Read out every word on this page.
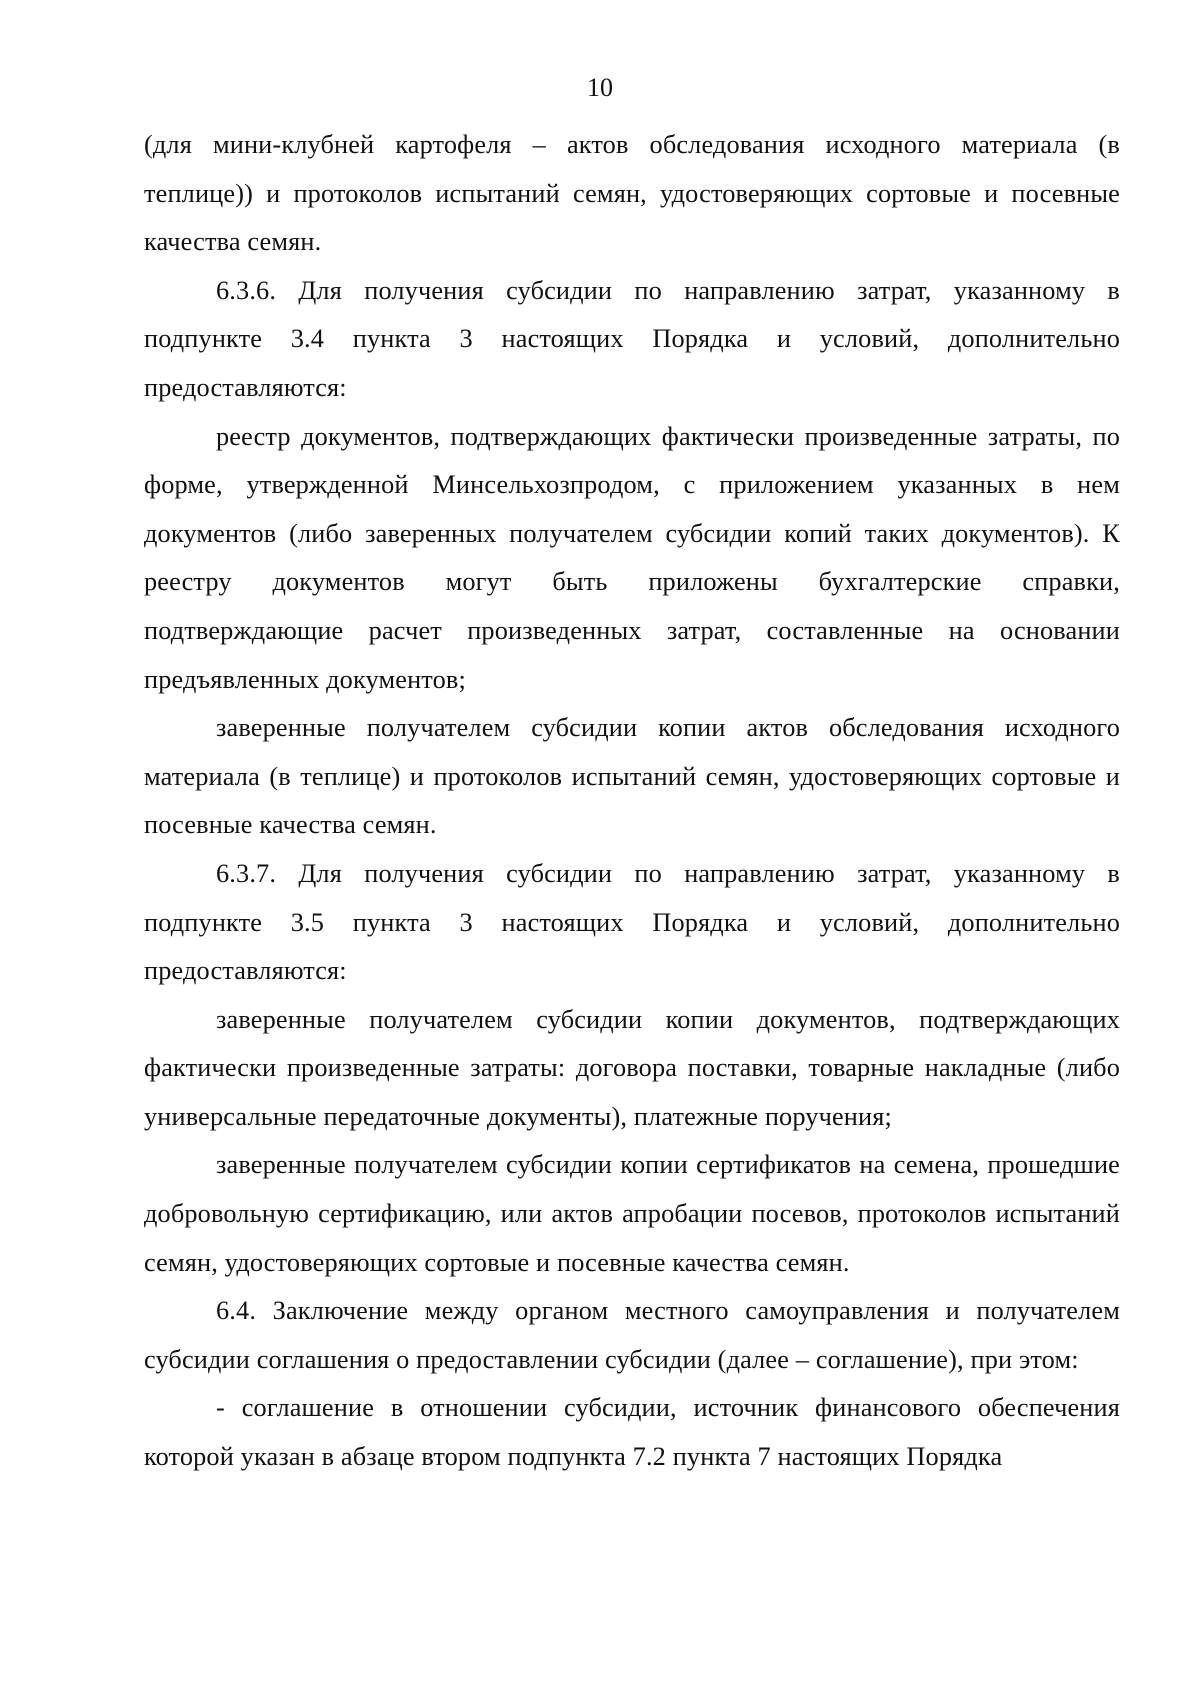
10

(для мини-клубней картофеля – актов обследования исходного материала (в теплице)) и протоколов испытаний семян, удостоверяющих сортовые и посевные качества семян.

6.3.6. Для получения субсидии по направлению затрат, указанному в подпункте 3.4 пункта 3 настоящих Порядка и условий, дополнительно предоставляются:

реестр документов, подтверждающих фактически произведенные затраты, по форме, утвержденной Минсельхозпродом, с приложением указанных в нем документов (либо заверенных получателем субсидии копий таких документов). К реестру документов могут быть приложены бухгалтерские справки, подтверждающие расчет произведенных затрат, составленные на основании предъявленных документов;

заверенные получателем субсидии копии актов обследования исходного материала (в теплице) и протоколов испытаний семян, удостоверяющих сортовые и посевные качества семян.

6.3.7. Для получения субсидии по направлению затрат, указанному в подпункте 3.5 пункта 3 настоящих Порядка и условий, дополнительно предоставляются:

заверенные получателем субсидии копии документов, подтверждающих фактически произведенные затраты: договора поставки, товарные накладные (либо универсальные передаточные документы), платежные поручения;

заверенные получателем субсидии копии сертификатов на семена, прошедшие добровольную сертификацию, или актов апробации посевов, протоколов испытаний семян, удостоверяющих сортовые и посевные качества семян.

6.4. Заключение между органом местного самоуправления и получателем субсидии соглашения о предоставлении субсидии (далее – соглашение), при этом:

- соглашение в отношении субсидии, источник финансового обеспечения которой указан в абзаце втором подпункта 7.2 пункта 7 настоящих Порядка
